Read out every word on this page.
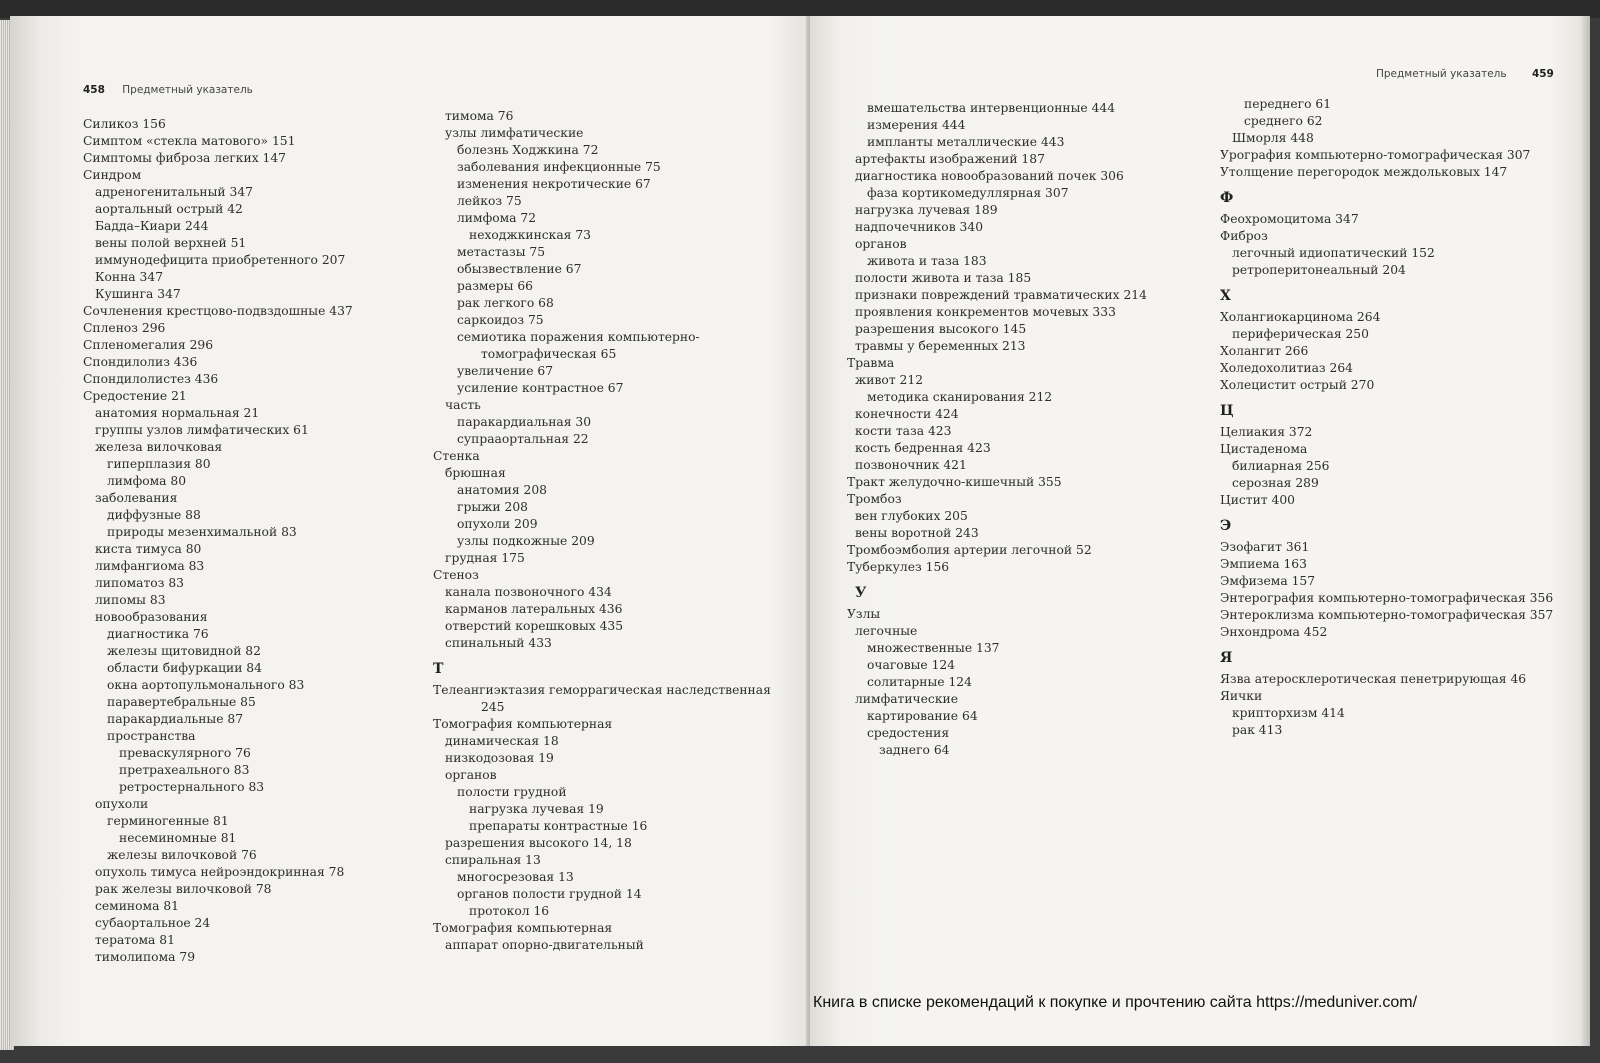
458 Предметный указатель
Силикоз 156
Симптом «стекла матового» 151
Симптомы фиброза легких 147
Синдром
адреногенитальный 347
аортальный острый 42
Бадда–Киари 244
вены полой верхней 51
иммунодефицита приобретенного 207
Конна 347
Кушинга 347
Сочленения крестцово-подвздошные 437
Спленоз 296
Спленомегалия 296
Спондилолиз 436
Спондилолистез 436
Средостение 21
анатомия нормальная 21
группы узлов лимфатических 61
железа вилочковая
гиперплазия 80
лимфома 80
заболевания
диффузные 88
природы мезенхимальной 83
киста тимуса 80
лимфангиома 83
липоматоз 83
липомы 83
новообразования
диагностика 76
железы щитовидной 82
области бифуркации 84
окна аортопульмонального 83
паравертебральные 85
паракардиальные 87
пространства
преваскулярного 76
претрахеального 83
ретростернального 83
опухоли
герминогенные 81
несеминомные 81
железы вилочковой 76
опухоль тимуса нейроэндокринная 78
рак железы вилочковой 78
семинома 81
субаортальное 24
тератома 81
тимолипома 79
тимома 76
узлы лимфатические
болезнь Ходжкина 72
заболевания инфекционные 75
изменения некротические 67
лейкоз 75
лимфома 72
неходжкинская 73
метастазы 75
обызвествление 67
размеры 66
рак легкого 68
саркоидоз 75
семиотика поражения компьютерно-
томографическая 65
увеличение 67
усиление контрастное 67
часть
паракардиальная 30
супрааортальная 22
Стенка
брюшная
анатомия 208
грыжи 208
опухоли 209
узлы подкожные 209
грудная 175
Стеноз
канала позвоночного 434
карманов латеральных 436
отверстий корешковых 435
спинальный 433
Т
Телеангиэктазия геморрагическая наследственная
245
Томография компьютерная
динамическая 18
низкодозовая 19
органов
полости грудной
нагрузка лучевая 19
препараты контрастные 16
разрешения высокого 14, 18
спиральная 13
многосрезовая 13
органов полости грудной 14
протокол 16
Томография компьютерная
аппарат опорно-двигательный
Предметный указатель 459
вмешательства интервенционные 444
измерения 444
импланты металлические 443
артефакты изображений 187
диагностика новообразований почек 306
фаза кортикомедуллярная 307
нагрузка лучевая 189
надпочечников 340
органов
живота и таза 183
полости живота и таза 185
признаки повреждений травматических 214
проявления конкрементов мочевых 333
разрешения высокого 145
травмы у беременных 213
Травма
живот 212
методика сканирования 212
конечности 424
кости таза 423
кость бедренная 423
позвоночник 421
Тракт желудочно-кишечный 355
Тромбоз
вен глубоких 205
вены воротной 243
Тромбоэмболия артерии легочной 52
Туберкулез 156
У
Узлы
легочные
множественные 137
очаговые 124
солитарные 124
лимфатические
картирование 64
средостения
заднего 64
переднего 61
среднего 62
Шморля 448
Урография компьютерно-томографическая 307
Утолщение перегородок междольковых 147
Ф
Феохромоцитома 347
Фиброз
легочный идиопатический 152
ретроперитонеальный 204
Х
Холангиокарцинома 264
периферическая 250
Холангит 266
Холедохолитиаз 264
Холецистит острый 270
Ц
Целиакия 372
Цистаденома
билиарная 256
серозная 289
Цистит 400
Э
Эзофагит 361
Эмпиема 163
Эмфизема 157
Энтерография компьютерно-томографическая 356
Энтероклизма компьютерно-томографическая 357
Энхондрома 452
Я
Язва атеросклеротическая пенетрирующая 46
Яички
крипторхизм 414
рак 413
Книга в списке рекомендаций к покупке и прочтению сайта https://meduniver.com/
